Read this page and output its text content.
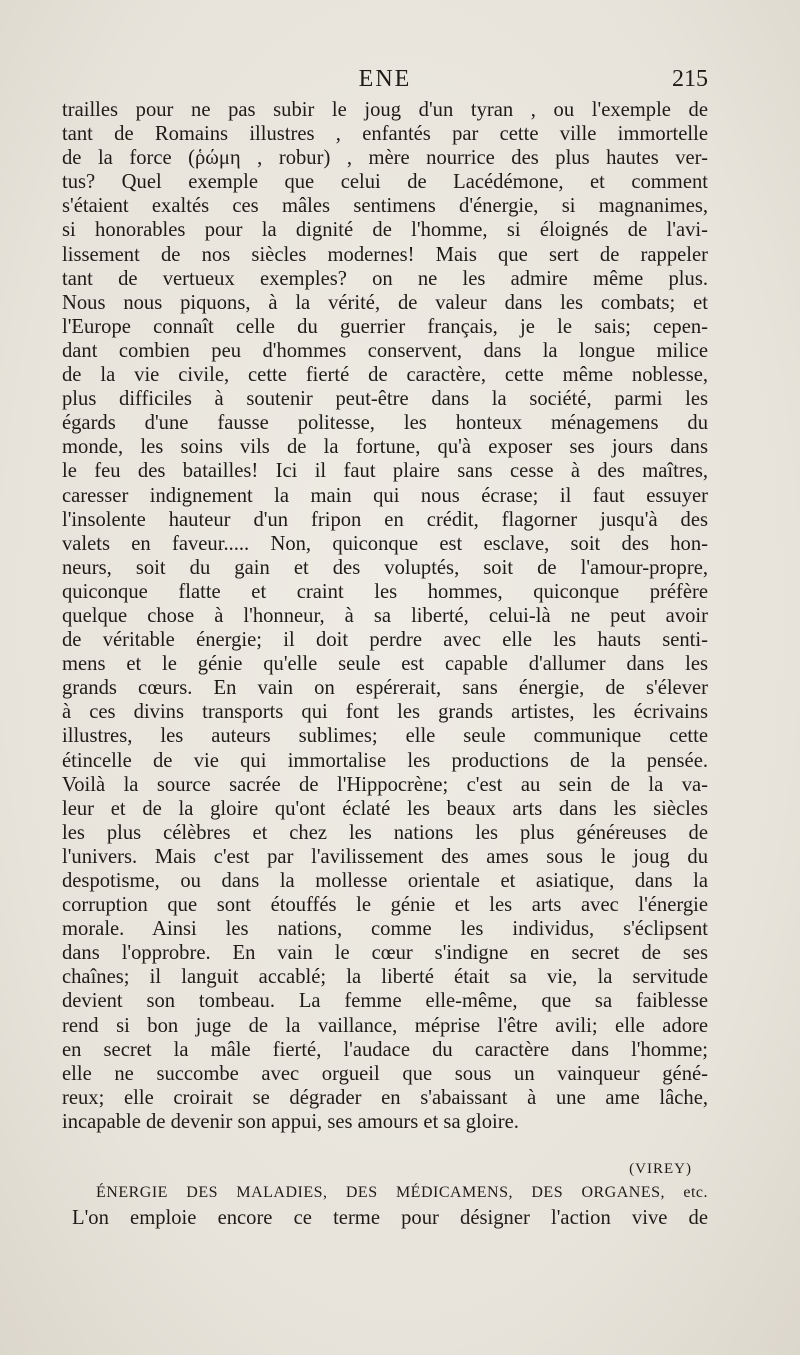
ENE	215
trailles pour ne pas subir le joug d'un tyran , ou l'exemple de
tant de Romains illustres , enfantés par cette ville immortelle
de la force (ῥώμη , robur) , mère nourrice des plus hautes ver-
tus? Quel exemple que celui de Lacédémone, et comment
s'étaient exaltés ces mâles sentimens d'énergie, si magnanimes,
si honorables pour la dignité de l'homme, si éloignés de l'avi-
lissement de nos siècles modernes! Mais que sert de rappeler
tant de vertueux exemples? on ne les admire même plus.
Nous nous piquons, à la vérité, de valeur dans les combats; et
l'Europe connaît celle du guerrier français, je le sais; cepen-
dant combien peu d'hommes conservent, dans la longue milice
de la vie civile, cette fierté de caractère, cette même noblesse,
plus difficiles à soutenir peut-être dans la société, parmi les
égards d'une fausse politesse, les honteux ménagemens du
monde, les soins vils de la fortune, qu'à exposer ses jours dans
le feu des batailles! Ici il faut plaire sans cesse à des maîtres,
caresser indignement la main qui nous écrase; il faut essuyer
l'insolente hauteur d'un fripon en crédit, flagorner jusqu'à des
valets en faveur..... Non, quiconque est esclave, soit des hon-
neurs, soit du gain et des voluptés, soit de l'amour-propre,
quiconque flatte et craint les hommes, quiconque préfère
quelque chose à l'honneur, à sa liberté, celui-là ne peut avoir
de véritable énergie; il doit perdre avec elle les hauts senti-
mens et le génie qu'elle seule est capable d'allumer dans les
grands cœurs. En vain on espérerait, sans énergie, de s'élever
à ces divins transports qui font les grands artistes, les écrivains
illustres, les auteurs sublimes; elle seule communique cette
étincelle de vie qui immortalise les productions de la pensée.
Voilà la source sacrée de l'Hippocrène; c'est au sein de la va-
leur et de la gloire qu'ont éclaté les beaux arts dans les siècles
les plus célèbres et chez les nations les plus généreuses de
l'univers. Mais c'est par l'avilissement des ames sous le joug du
despotisme, ou dans la mollesse orientale et asiatique, dans la
corruption que sont étouffés le génie et les arts avec l'énergie
morale. Ainsi les nations, comme les individus, s'éclipsent
dans l'opprobre. En vain le cœur s'indigne en secret de ses
chaînes; il languit accablé; la liberté était sa vie, la servitude
devient son tombeau. La femme elle-même, que sa faiblesse
rend si bon juge de la vaillance, méprise l'être avili; elle adore
en secret la mâle fierté, l'audace du caractère dans l'homme;
elle ne succombe avec orgueil que sous un vainqueur géné-
reux; elle croirait se dégrader en s'abaissant à une ame lâche,
incapable de devenir son appui, ses amours et sa gloire.
(VIREY)
ÉNERGIE DES MALADIES, DES MÉDICAMENS, DES ORGANES, etc.
L'on emploie encore ce terme pour désigner l'action vive de
